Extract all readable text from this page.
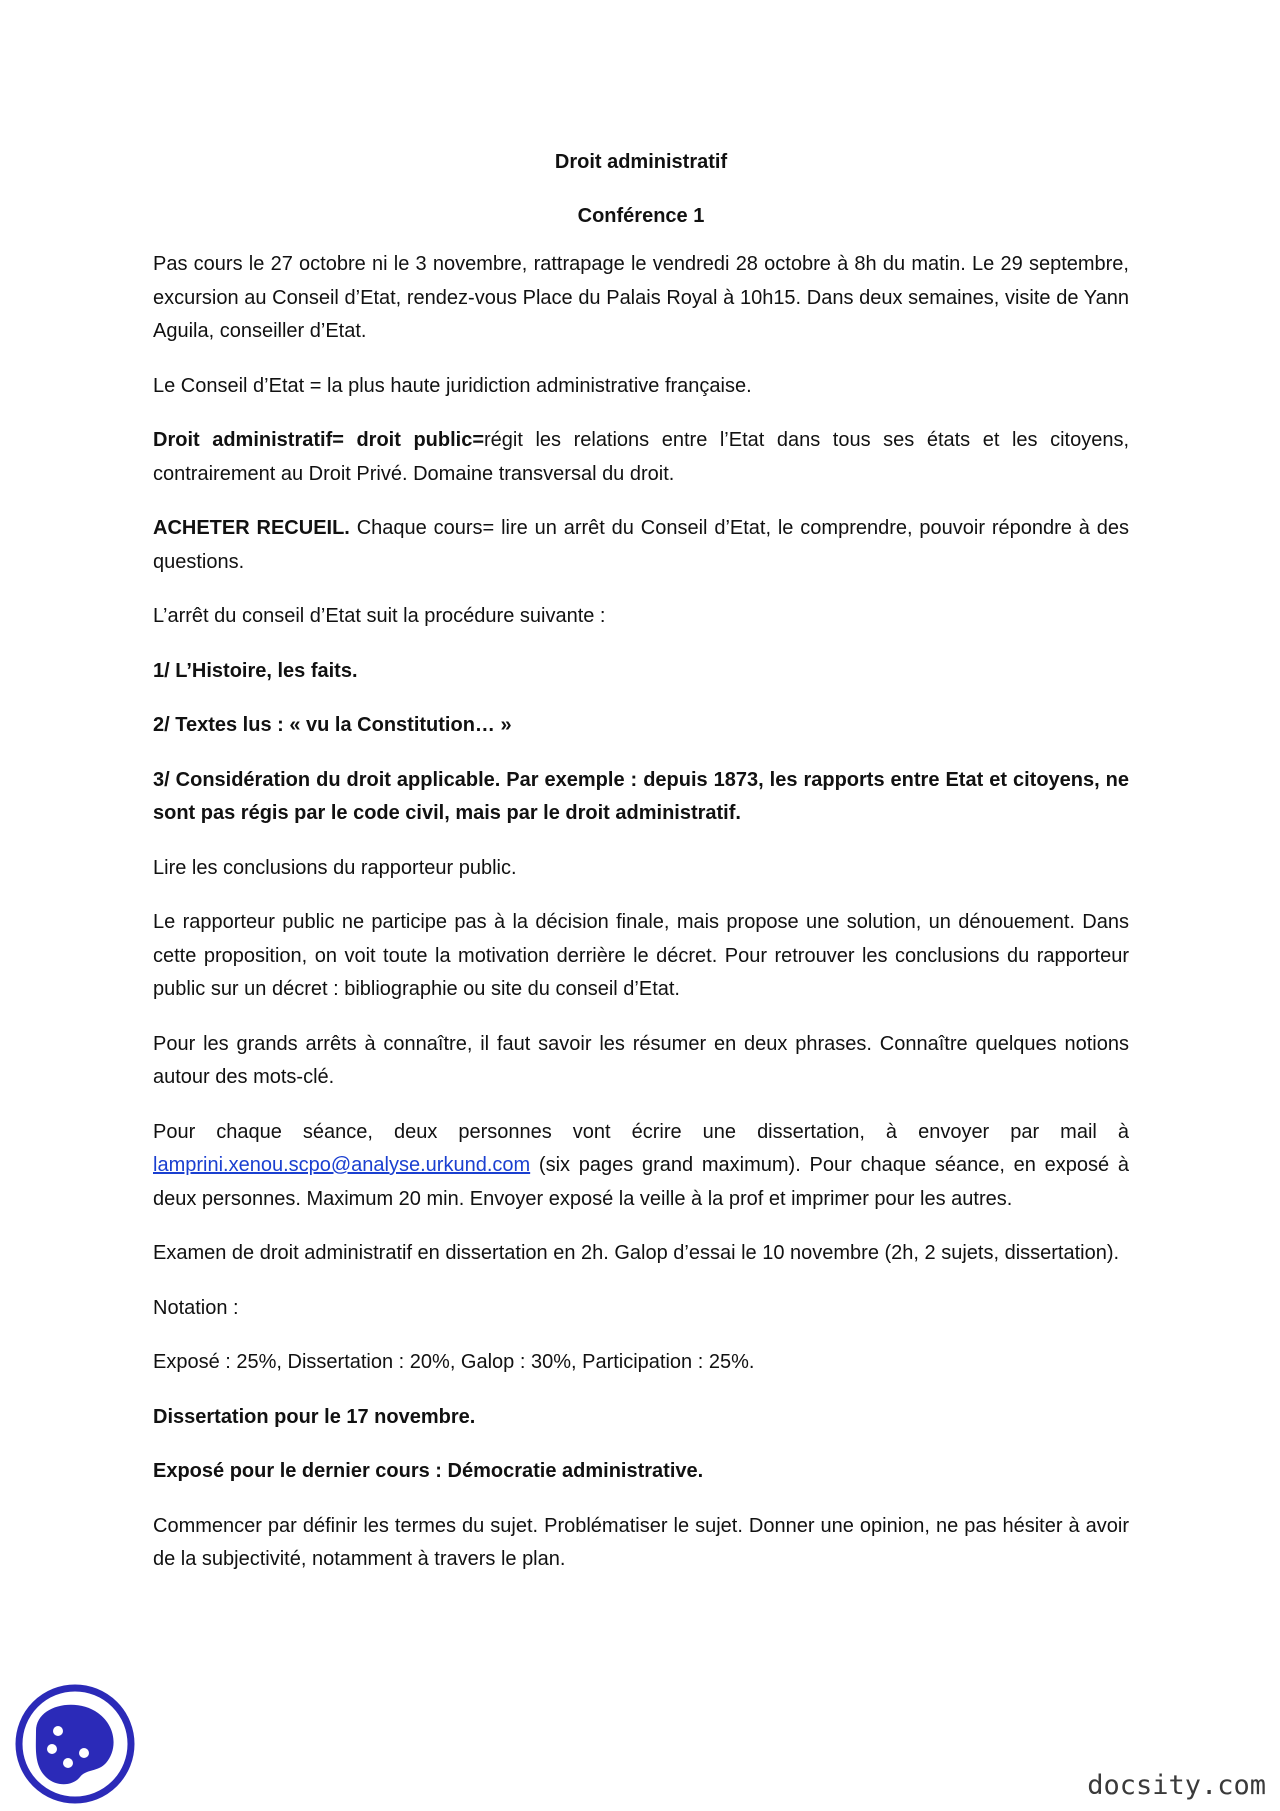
Droit administratif
Conférence 1

Pas cours le 27 octobre ni le 3 novembre, rattrapage le vendredi 28 octobre à 8h du matin. Le 29 septembre, excursion au Conseil d’Etat, rendez-vous Place du Palais Royal à 10h15. Dans deux semaines, visite de Yann Aguila, conseiller d’Etat.

Le Conseil d’Etat = la plus haute juridiction administrative française.

Droit administratif= droit public=régit les relations entre l’Etat dans tous ses états et les citoyens, contrairement au Droit Privé. Domaine transversal du droit.

ACHETER RECUEIL. Chaque cours= lire un arrêt du Conseil d’Etat, le comprendre, pouvoir répondre à des questions.

L’arrêt du conseil d’Etat suit la procédure suivante :

1/ L’Histoire, les faits.

2/ Textes lus : « vu la Constitution… »

3/ Considération du droit applicable. Par exemple : depuis 1873, les rapports entre Etat et citoyens, ne sont pas régis par le code civil, mais par le droit administratif.

Lire les conclusions du rapporteur public.

Le rapporteur public ne participe pas à la décision finale, mais propose une solution, un dénouement. Dans cette proposition, on voit toute la motivation derrière le décret. Pour retrouver les conclusions du rapporteur public sur un décret : bibliographie ou site du conseil d’Etat.

Pour les grands arrêts à connaître, il faut savoir les résumer en deux phrases. Connaître quelques notions autour des mots-clé.

Pour chaque séance, deux personnes vont écrire une dissertation, à envoyer par mail à lamprini.xenou.scpo@analyse.urkund.com (six pages grand maximum). Pour chaque séance, en exposé à deux personnes. Maximum 20 min. Envoyer exposé la veille à la prof et imprimer pour les autres.

Examen de droit administratif en dissertation en 2h. Galop d’essai le 10 novembre (2h, 2 sujets, dissertation).

Notation :

Exposé : 25%, Dissertation : 20%, Galop : 30%, Participation : 25%.

Dissertation pour le 17 novembre.

Exposé pour le dernier cours : Démocratie administrative.

Commencer par définir les termes du sujet. Problématiser le sujet. Donner une opinion, ne pas hésiter à avoir de la subjectivité, notamment à travers le plan.

docsity.com
